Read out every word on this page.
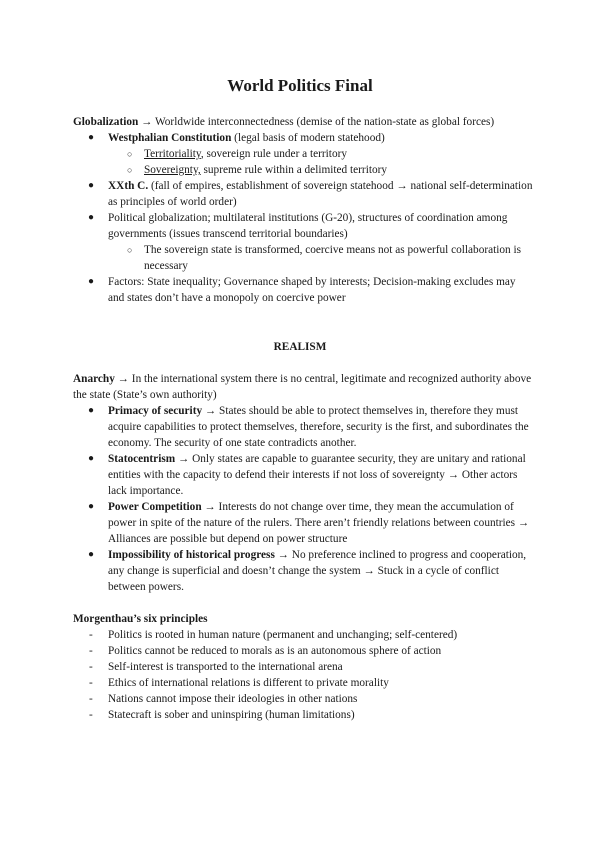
World Politics Final

Globalization → Worldwide interconnectedness (demise of the nation-state as global forces)

● Westphalian Constitution (legal basis of modern statehood)
○ Territoriality, sovereign rule under a territory
○ Sovereignty, supreme rule within a delimited territory
● XXth C. (fall of empires, establishment of sovereign statehood → national self-determination as principles of world order)
● Political globalization; multilateral institutions (G-20), structures of coordination among governments (issues transcend territorial boundaries)
○ The sovereign state is transformed, coercive means not as powerful collaboration is necessary
● Factors: State inequality; Governance shaped by interests; Decision-making excludes may and states don’t have a monopoly on coercive power
REALISM

Anarchy → In the international system there is no central, legitimate and recognized authority above the state (State’s own authority)

● Primacy of security → States should be able to protect themselves in, therefore they must acquire capabilities to protect themselves, therefore, security is the first, and subordinates the economy. The security of one state contradicts another.
● Statocentrism → Only states are capable to guarantee security, they are unitary and rational entities with the capacity to defend their interests if not loss of sovereignty → Other actors lack importance.
● Power Competition → Interests do not change over time, they mean the accumulation of power in spite of the nature of the rulers. There aren’t friendly relations between countries → Alliances are possible but depend on power structure
● Impossibility of historical progress → No preference inclined to progress and cooperation, any change is superficial and doesn’t change the system → Stuck in a cycle of conflict between powers.

Morgenthau’s six principles

- Politics is rooted in human nature (permanent and unchanging; self-centered)
- Politics cannot be reduced to morals as is an autonomous sphere of action
- Self-interest is transported to the international arena
- Ethics of international relations is different to private morality
- Nations cannot impose their ideologies in other nations
- Statecraft is sober and uninspiring (human limitations)
